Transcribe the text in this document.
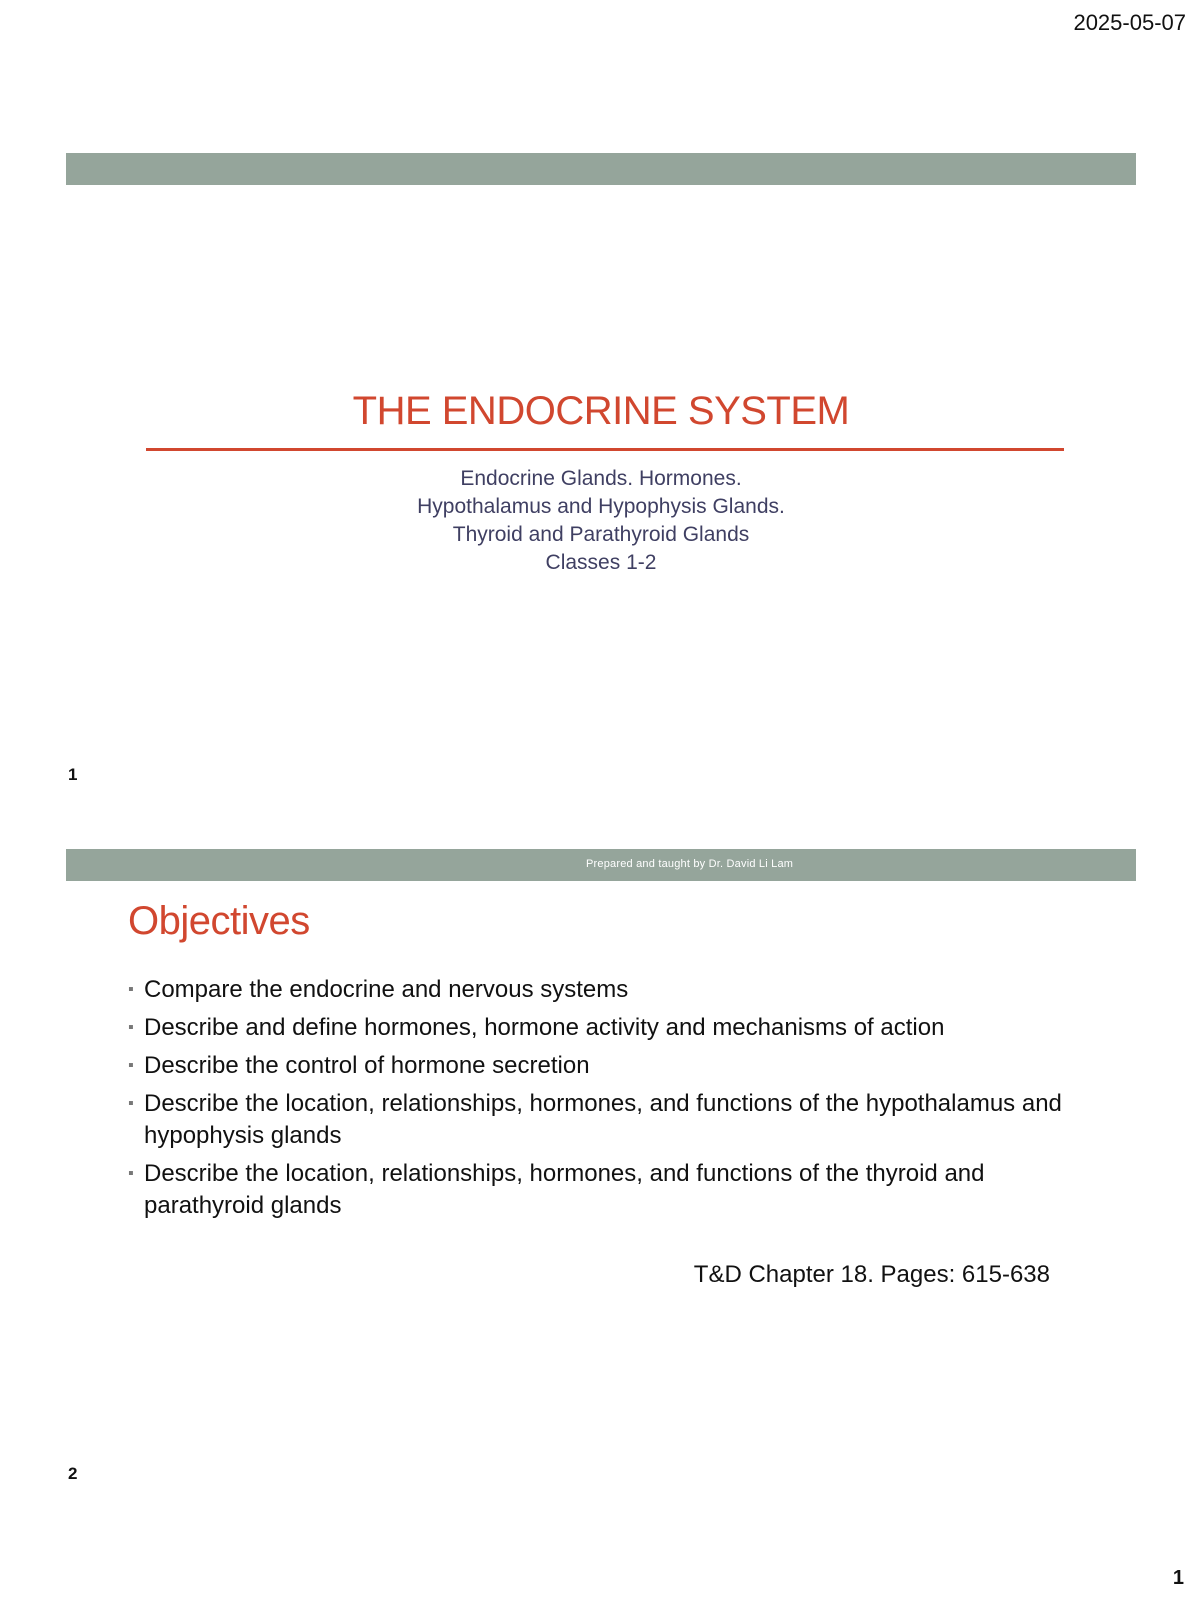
2025-05-07
THE ENDOCRINE SYSTEM
Endocrine Glands. Hormones.
Hypothalamus and Hypophysis Glands.
Thyroid and Parathyroid Glands
Classes 1-2
1
Prepared and taught by Dr. David Li Lam
Objectives
▪ Compare the endocrine and nervous systems
▪ Describe and define hormones, hormone activity and mechanisms of action
▪ Describe the control of hormone secretion
▪ Describe the location, relationships, hormones, and functions of the hypothalamus and hypophysis glands
▪ Describe the location, relationships, hormones, and functions of the thyroid and parathyroid glands
T&D Chapter 18. Pages: 615-638
2
1
